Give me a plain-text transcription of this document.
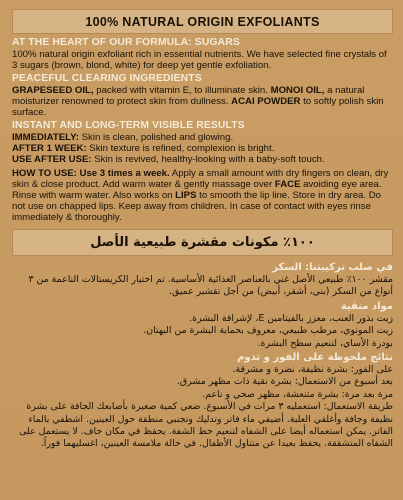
100% NATURAL ORIGIN EXFOLIANTS
AT THE HEART OF OUR FORMULA: SUGARS

100% natural origin exfoliant rich in essential nutrients. We have selected fine crystals of 3 sugars (brown, blond, white) for deep yet gentle exfoliation.

PEACEFUL CLEARING INGREDIENTS

GRAPESEED OIL, packed with vitamin E, to illuminate skin. MONOI OIL, a natural moisturizer renowned to protect skin from dullness. ACAI POWDER to softly polish skin surface.

INSTANT AND LONG-TERM VISIBLE RESULTS

IMMEDIATELY: Skin is clean, polished and glowing.

AFTER 1 WEEK: Skin texture is refined, complexion is bright.

USE AFTER USE: Skin is revived, healthy-looking with a baby-soft touch.

HOW TO USE: Use 3 times a week. Apply a small amount with dry fingers on clean, dry skin & close product. Add warm water & gently massage over FACE avoiding eye area. Rinse with warm water. Also works on LIPS to smooth the lip line. Store in dry area. Do not use on chapped lips. Keep away from children. In case of contact with eyes rinse immediately & thoroughly.

١٠٠٪ مكونات مقشرة طبيعية الأصل
في صلب تركيبتنا: السكر

مقشر ١٠٠٪ طبيعي الأصل غني بالعناصر الغذائية الأساسية. تم اختيار الكريستالات الناعمة من ٣ أنواع من السكر (بني، أشقر، أبيض) من أجل تقشير عميق.

مواد منقية

زيت بذور العنب، معزز بالفيتامين E، لإشراقة البشرة.

زيت المونوي، مرطب طبيعي، معروف بحماية البشرة من البهتان.

بودرة الأساي، لتنعيم سطح البشرة.

نتائج ملحوظة على الفور و تدوم

على الفور: بشرة نظيفة، نضرة و مشرقة.

بعد أسبوع من الاستعمال: بشرة نقية ذات مظهر مشرق.

مرة بعد مرة: بشرة متنعشة، مظهر صحي و ناعم.

طريقة الاستعمال: استعمليه ٣ مرات في الأسبوع. ضعي كمية صغيرة بأصابعك الجافة على بشرة نظيفة وجافة وأغلقي العلبة. أضيفي ماء فاتر وتدليك وتجنبي منطقة حول العينين. اشطفي بالماء الفاتر. يمكن استعماله أيضا على الشفاه لتنعيم خط الشفة. يحفظ في مكان جاف. لا يستعمل على الشفاه المتشققة. يحفظ بعيدا عن متناول الأطفال. في حالة ملامسة العينين، اغسليهما فوراً.
